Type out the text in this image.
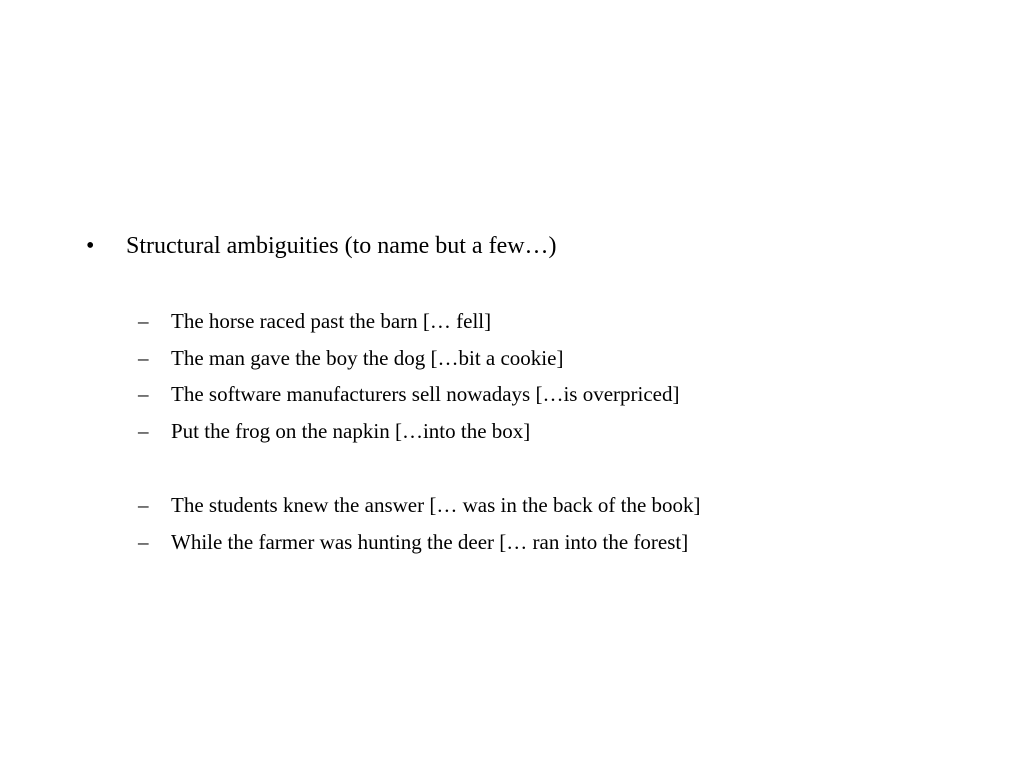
• Structural ambiguities (to name but a few…)
– The horse raced past the barn [… fell]
– The man gave the boy the dog […bit a cookie]
– The software manufacturers sell nowadays […is overpriced]
– Put the frog on the napkin […into the box]
– The students knew the answer [… was in the back of the book]
– While the farmer was hunting the deer [… ran into the forest]
